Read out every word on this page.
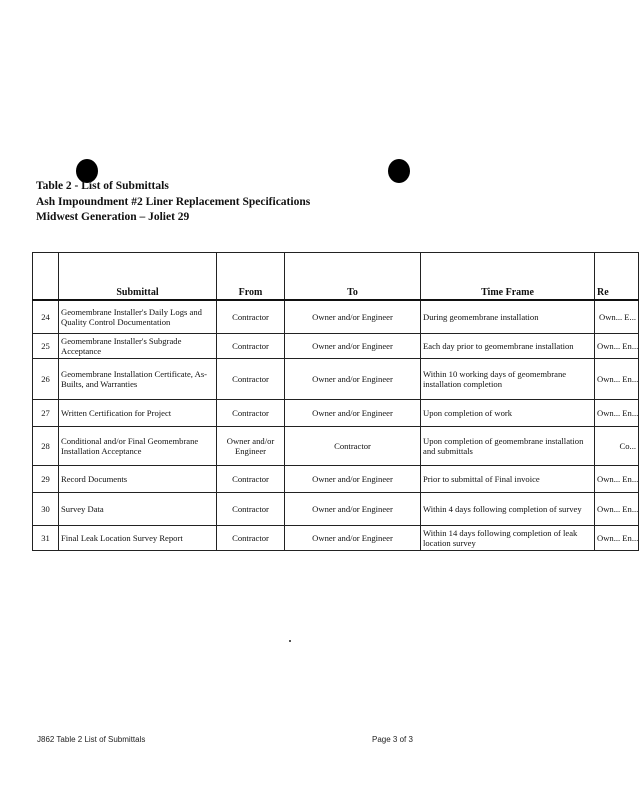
Table 2 - List of Submittals
Ash Impoundment #2 Liner Replacement Specifications
Midwest Generation – Joliet 29
	Submittal	From	To	Time Frame	Re
24	Geomembrane Installer's Daily Logs and Quality Control Documentation	Contractor	Owner and/or Engineer	During geomembrane installation	Own... E...
25	Geomembrane Installer's Subgrade Acceptance	Contractor	Owner and/or Engineer	Each day prior to geomembrane installation	Own... En...
26	Geomembrane Installation Certificate, As-Builts, and Warranties	Contractor	Owner and/or Engineer	Within 10 working days of geomembrane installation completion	Own... En...
27	Written Certification for Project	Contractor	Owner and/or Engineer	Upon completion of work	Own... En...
28	Conditional and/or Final Geomembrane Installation Acceptance	Owner and/or Engineer	Contractor	Upon completion of geomembrane installation and submittals	Co...
29	Record Documents	Contractor	Owner and/or Engineer	Prior to submittal of Final invoice	Own... En...
30	Survey Data	Contractor	Owner and/or Engineer	Within 4 days following completion of survey	Own... En...
31	Final Leak Location Survey Report	Contractor	Owner and/or Engineer	Within 14 days following completion of leak location survey	Own... En...
J862 Table 2 List of Submittals	Page 3 of 3
